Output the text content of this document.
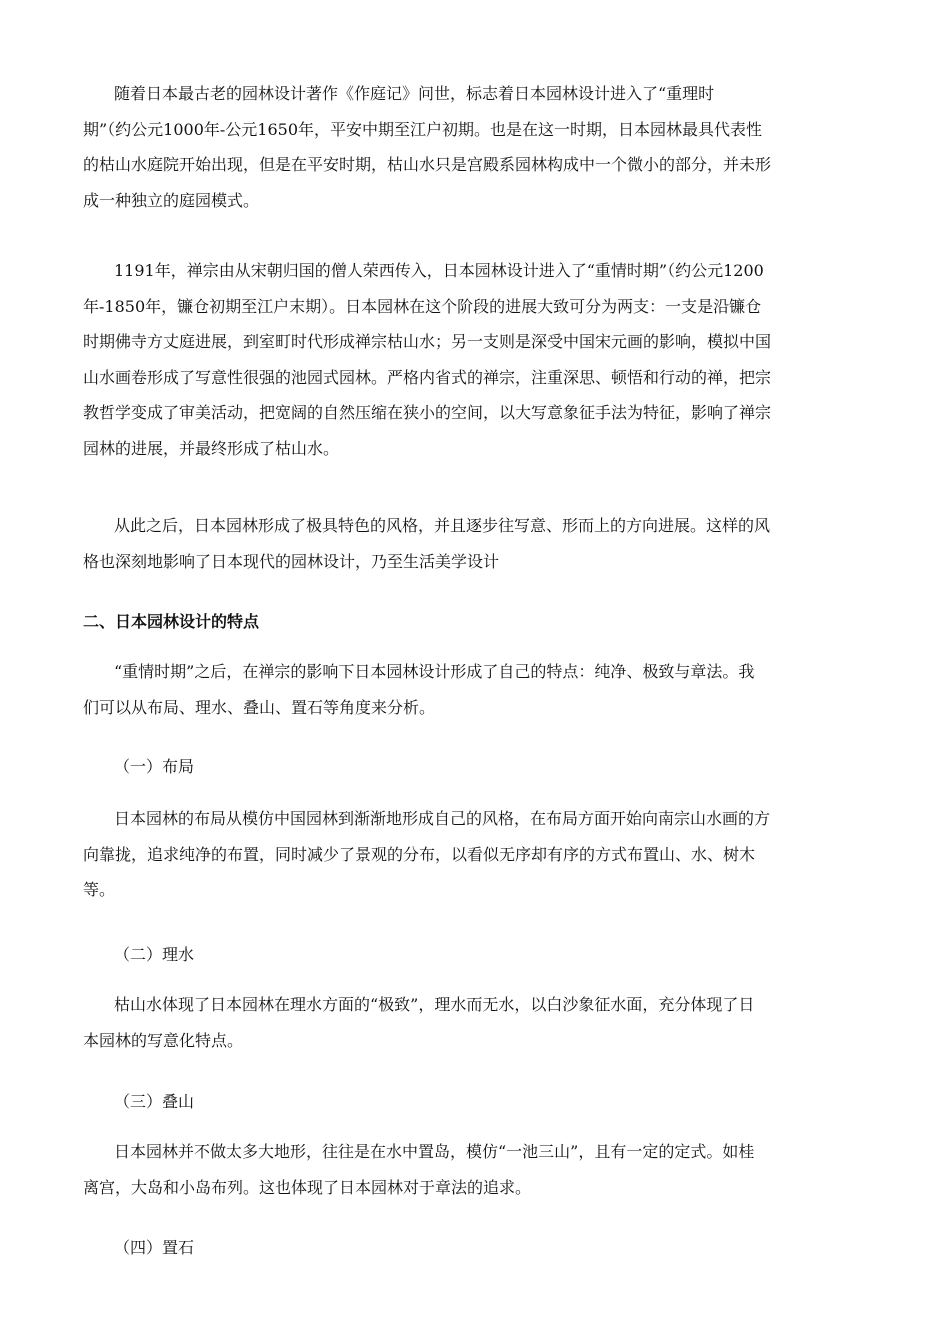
随着日本最古老的园林设计著作《作庭记》问世，标志着日本园林设计进入了“重理时
期”（约公元1000年-公元1650年，平安中期至江户初期。也是在这一时期，日本园林最具代表性
的枯山水庭院开始出现，但是在平安时期，枯山水只是宫殿系园林构成中一个微小的部分，并未形
成一种独立的庭园模式。
1191年，禅宗由从宋朝归国的僧人荣西传入，日本园林设计进入了“重情时期”（约公元1200
年-1850年，镰仓初期至江户末期）。日本园林在这个阶段的进展大致可分为两支：一支是沿镰仓
时期佛寺方丈庭进展，到室町时代形成禅宗枯山水；另一支则是深受中国宋元画的影响，模拟中国
山水画卷形成了写意性很强的池园式园林。严格内省式的禅宗，注重深思、顿悟和行动的禅，把宗
教哲学变成了审美活动，把宽阔的自然压缩在狭小的空间，以大写意象征手法为特征，影响了禅宗
园林的进展，并最终形成了枯山水。
从此之后，日本园林形成了极具特色的风格，并且逐步往写意、形而上的方向进展。这样的风
格也深刻地影响了日本现代的园林设计，乃至生活美学设计
二、日本园林设计的特点
“重情时期”之后，在禅宗的影响下日本园林设计形成了自己的特点：纯净、极致与章法。我
们可以从布局、理水、叠山、置石等角度来分析。
（一）布局
日本园林的布局从模仿中国园林到渐渐地形成自己的风格，在布局方面开始向南宗山水画的方
向靠拢，追求纯净的布置，同时减少了景观的分布，以看似无序却有序的方式布置山、水、树木
等。
（二）理水
枯山水体现了日本园林在理水方面的“极致”，理水而无水，以白沙象征水面，充分体现了日
本园林的写意化特点。
（三）叠山
日本园林并不做太多大地形，往往是在水中置岛，模仿“一池三山”，且有一定的定式。如桂
离宫，大岛和小岛布列。这也体现了日本园林对于章法的追求。
（四）置石
